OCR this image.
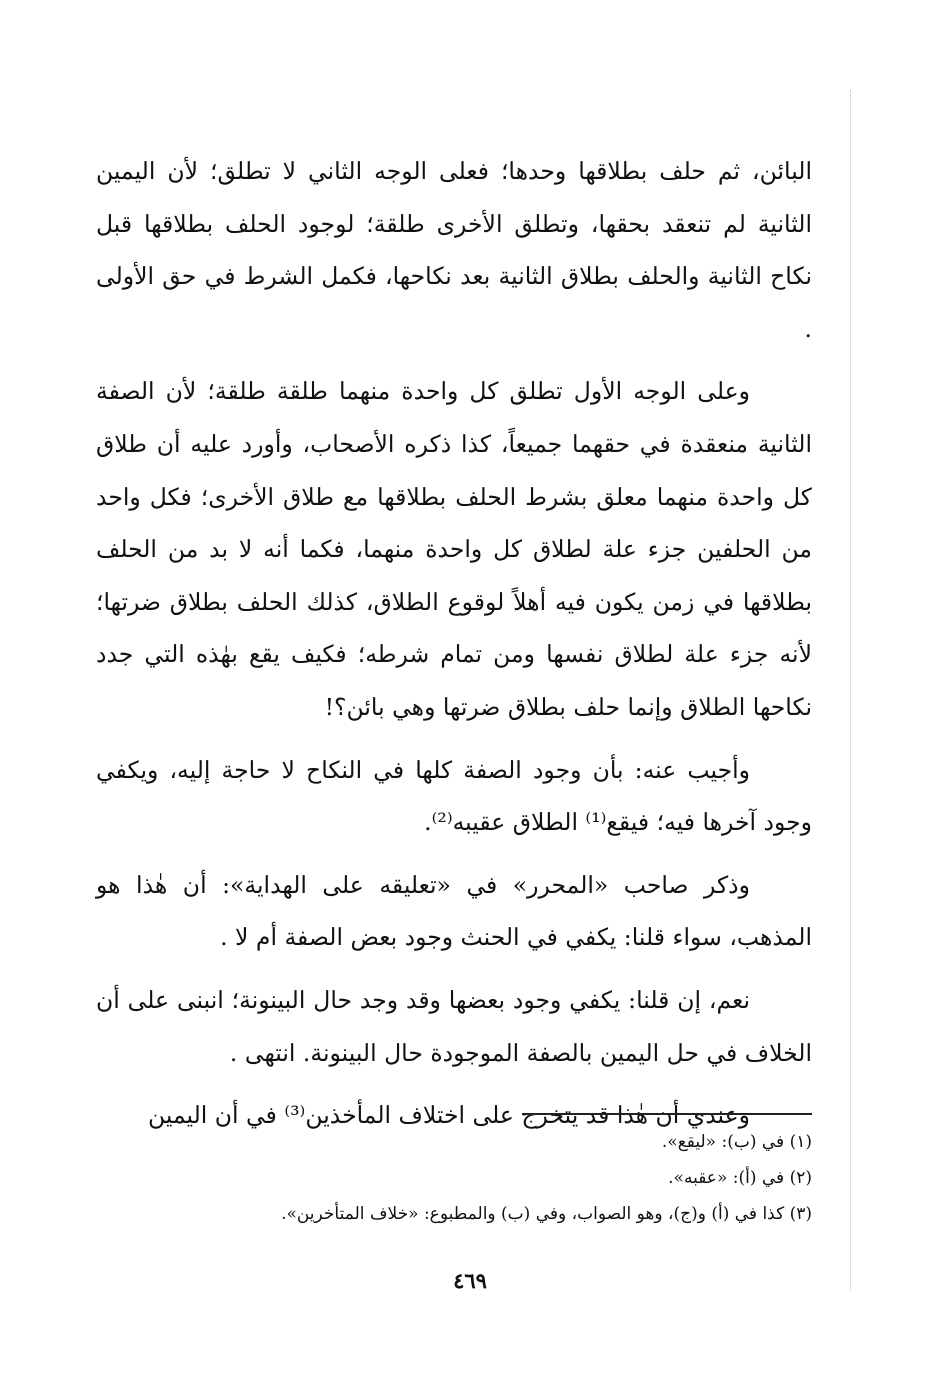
البائن، ثم حلف بطلاقها وحدها؛ فعلى الوجه الثاني لا تطلق؛ لأن اليمين الثانية لم تنعقد بحقها، وتطلق الأخرى طلقة؛ لوجود الحلف بطلاقها قبل نكاح الثانية والحلف بطلاق الثانية بعد نكاحها، فكمل الشرط في حق الأولى .

وعلى الوجه الأول تطلق كل واحدة منهما طلقة طلقة؛ لأن الصفة الثانية منعقدة في حقهما جميعاً، كذا ذكره الأصحاب، وأورد عليه أن طلاق كل واحدة منهما معلق بشرط الحلف بطلاقها مع طلاق الأخرى؛ فكل واحد من الحلفين جزء علة لطلاق كل واحدة منهما، فكما أنه لا بد من الحلف بطلاقها في زمن يكون فيه أهلاً لوقوع الطلاق، كذلك الحلف بطلاق ضرتها؛ لأنه جزء علة لطلاق نفسها ومن تمام شرطه؛ فكيف يقع بهٰذه التي جدد نكاحها الطلاق وإنما حلف بطلاق ضرتها وهي بائن؟!

وأجيب عنه: بأن وجود الصفة كلها في النكاح لا حاجة إليه، ويكفي وجود آخرها فيه؛ فيقع⁽¹⁾ الطلاق عقيبه⁽²⁾.

وذكر صاحب «المحرر» في «تعليقه على الهداية»: أن هٰذا هو المذهب، سواء قلنا: يكفي في الحنث وجود بعض الصفة أم لا .

نعم، إن قلنا: يكفي وجود بعضها وقد وجد حال البينونة؛ انبنى على أن الخلاف في حل اليمين بالصفة الموجودة حال البينونة. انتهى .

وعندي أن هٰذا قد يتخرج على اختلاف المأخذين⁽³⁾ في أن اليمين

(١) في (ب): «ليقع».

(٢) في (أ): «عقبه».

(٣) كذا في (أ) و(ج)، وهو الصواب، وفي (ب) والمطبوع: «خلاف المتأخرين».

٤٦٩
